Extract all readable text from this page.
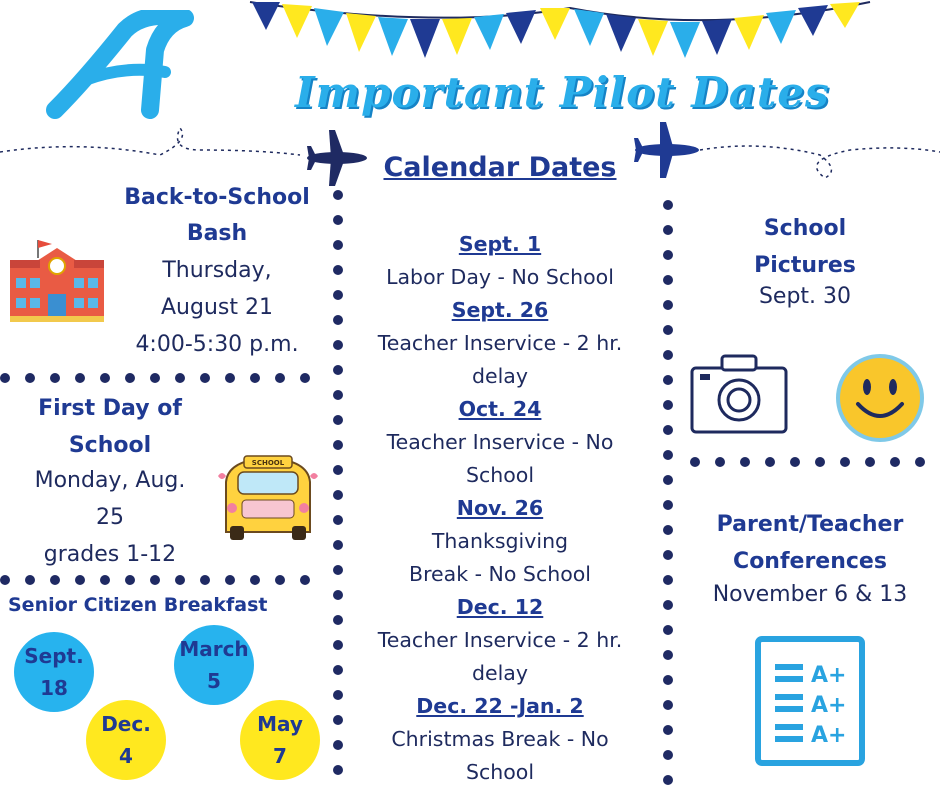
Important Pilot Dates
Back-to-School
Bash
Thursday,
August 21
4:00-5:30 p.m.
First Day of
School
Monday, Aug.
25
grades 1-12
SCHOOL
Senior Citizen Breakfast
Sept.
18
March
5
Dec.
4
May
7
Calendar Dates
Sept. 1
Labor Day - No School
Sept. 26
Teacher Inservice - 2 hr. delay
Oct. 24
Teacher Inservice - No School
Nov. 26
Thanksgiving Break - No School
Dec. 12
Teacher Inservice - 2 hr. delay
Dec. 22 -Jan. 2
Christmas Break - No School
School
Pictures
Sept. 30
Parent/Teacher
Conferences
November 6 & 13
A+
A+
A+
